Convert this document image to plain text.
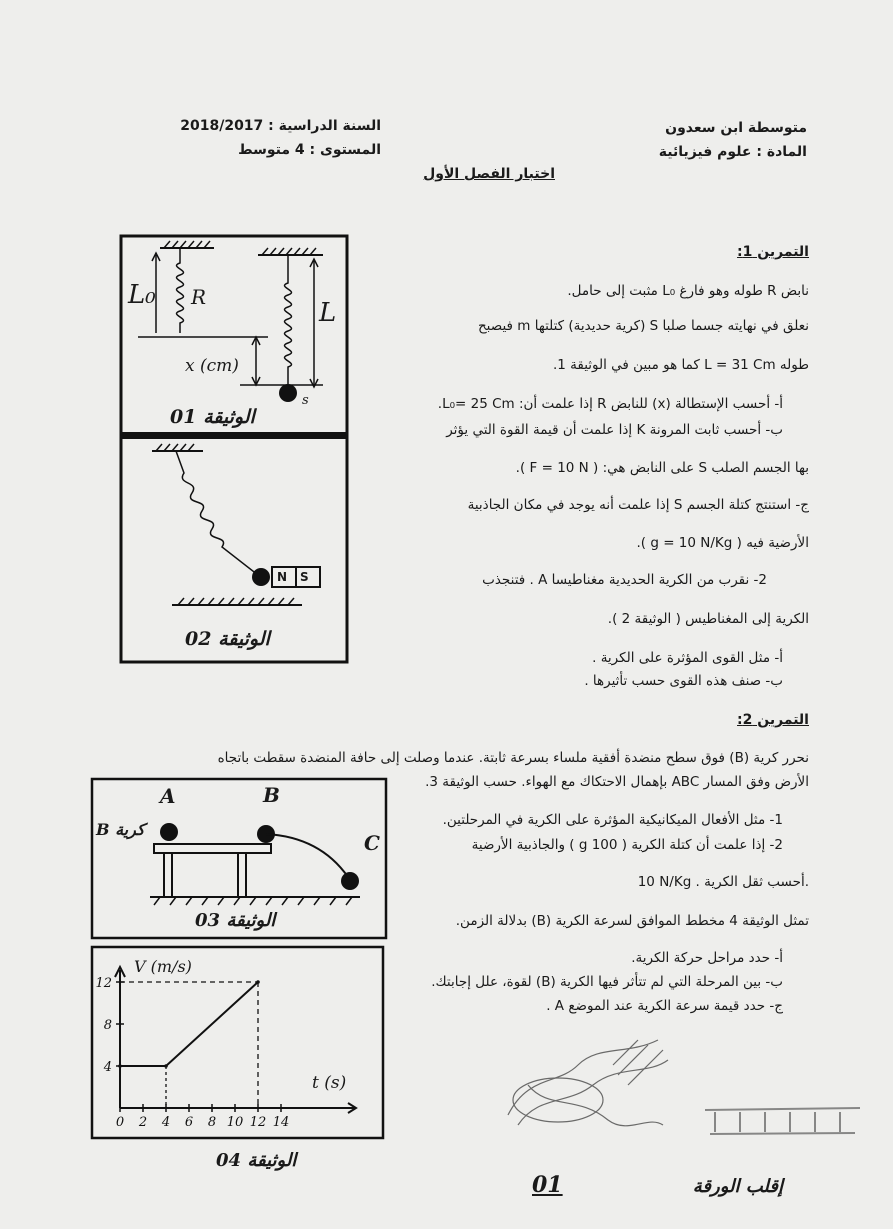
متوسطة ابن سعدون
المادة : علوم فيزيائية
السنة الدراسية : 2018/2017
المستوى : 4 متوسط
اختبار الفصل الأول
التمرين 1:
نابض R طوله وهو فارغ L₀ مثبت إلى حامل.
نعلق في نهايته جسما صلبا S (كرية حديدية) كتلتها m فيصبح
طوله L = 31 Cm كما هو مبين في الوثيقة 1.
أ- أحسب الإستطالة (x) للنابض R إذا علمت أن: L₀= 25 Cm.
ب- أحسب ثابت المرونة K إذا علمت أن قيمة القوة التي يؤثر
بها الجسم الصلب S على النابض هي: ( F = 10 N ).
ج- استنتج كتلة الجسم S إذا علمت أنه يوجد في مكان الجاذبية
الأرضية فيه ( g = 10 N/Kg ).
2- نقرب من الكرية الحديدية مغناطيسا A . فتنجذب
الكرية إلى المغناطيس ( الوثيقة 2 ).
أ- مثل القوى المؤثرة على الكرية .
ب- صنف هذه القوى حسب تأثيرها .
التمرين 2:
نحرر كرية (B) فوق سطح منضدة أفقية ملساء بسرعة ثابتة. عندما وصلت إلى حافة المنضدة سقطت باتجاه
الأرض وفق المسار ABC بإهمال الاحتكاك مع الهواء. حسب الوثيقة 3.
1- مثل الأفعال الميكانيكية المؤثرة على الكرية في المرحلتين.
2- إذا علمت أن كتلة الكرية ( 100 g ) والجاذبية الأرضية
10 N/Kg . أحسب ثقل الكرية.
تمثل الوثيقة 4 مخطط الموافق لسرعة الكرية (B) بدلالة الزمن.
أ- حدد مراحل حركة الكرية.
ب- بين المرحلة التي لم تتأثر فيها الكرية (B) لقوة، علل إجابتك.
ج- حدد قيمة سرعة الكرية عند الموضع A .
L₀ R
L
x (cm)
s
الوثيقة 01
N S
الوثيقة 02
A	B
C
B كرية
الوثيقة 03
0 2 4 6 8 10 12 14
4
8
12
V (m/s)
t (s)
الوثيقة 04
01	إقلب الورقة
